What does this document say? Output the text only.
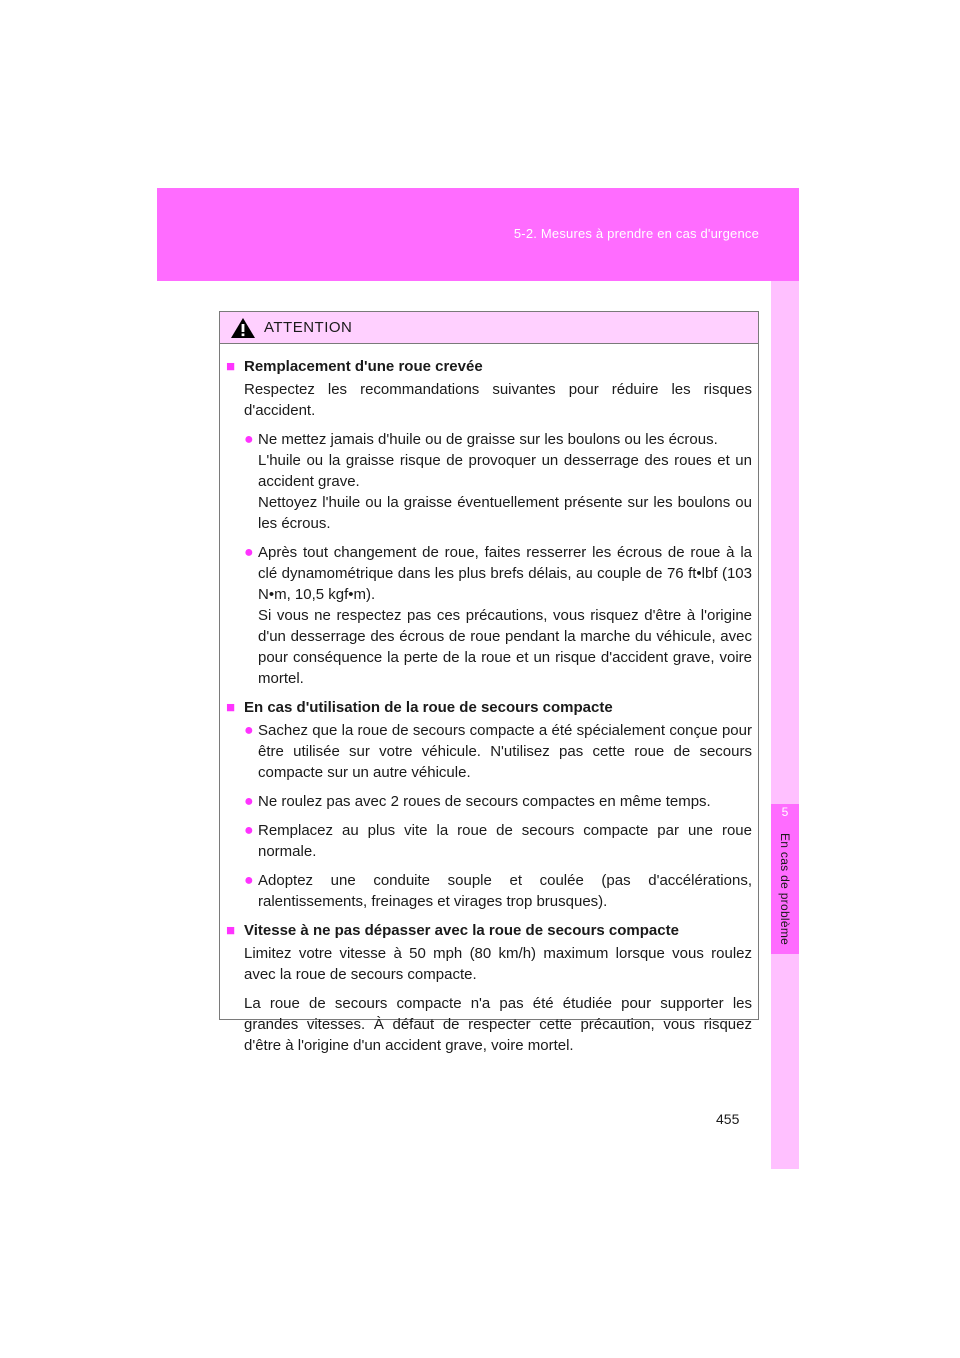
5-2. Mesures à prendre en cas d'urgence
5
En cas de problème
ATTENTION
■ Remplacement d'une roue crevée

Respectez les recommandations suivantes pour réduire les risques d'accident.

● Ne mettez jamais d'huile ou de graisse sur les boulons ou les écrous.

L'huile ou la graisse risque de provoquer un desserrage des roues et un accident grave.

Nettoyez l'huile ou la graisse éventuellement présente sur les boulons ou les écrous.

● Après tout changement de roue, faites resserrer les écrous de roue à la clé dynamométrique dans les plus brefs délais, au couple de 76 ft•lbf (103 N•m, 10,5 kgf•m).

Si vous ne respectez pas ces précautions, vous risquez d'être à l'origine d'un desserrage des écrous de roue pendant la marche du véhicule, avec pour conséquence la perte de la roue et un risque d'accident grave, voire mortel.

■ En cas d'utilisation de la roue de secours compacte
● Sachez que la roue de secours compacte a été spécialement conçue pour être utilisée sur votre véhicule. N'utilisez pas cette roue de secours compacte sur un autre véhicule.

● Ne roulez pas avec 2 roues de secours compactes en même temps.

● Remplacez au plus vite la roue de secours compacte par une roue normale.

● Adoptez une conduite souple et coulée (pas d'accélérations, ralentissements, freinages et virages trop brusques).

■ Vitesse à ne pas dépasser avec la roue de secours compacte

Limitez votre vitesse à 50 mph (80 km/h) maximum lorsque vous roulez avec la roue de secours compacte.

La roue de secours compacte n'a pas été étudiée pour supporter les grandes vitesses. À défaut de respecter cette précaution, vous risquez d'être à l'origine d'un accident grave, voire mortel.

455
